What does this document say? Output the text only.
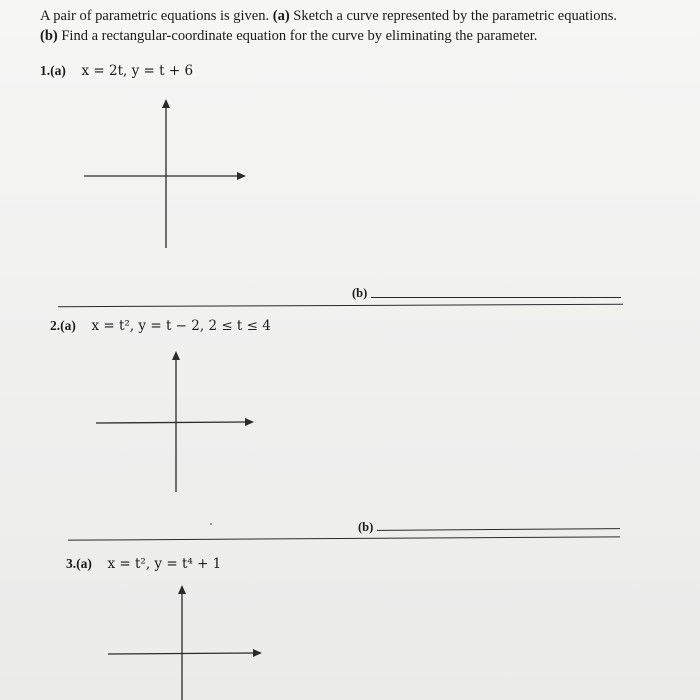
A pair of parametric equations is given. (a) Sketch a curve represented by the parametric equations.
(b) Find a rectangular-coordinate equation for the curve by eliminating the parameter.
1.(a) x = 2t, y = t + 6
(b)
2.(a) x = t², y = t − 2, 2 ≤ t ≤ 4
(b)
3.(a) x = t², y = t⁴ + 1
